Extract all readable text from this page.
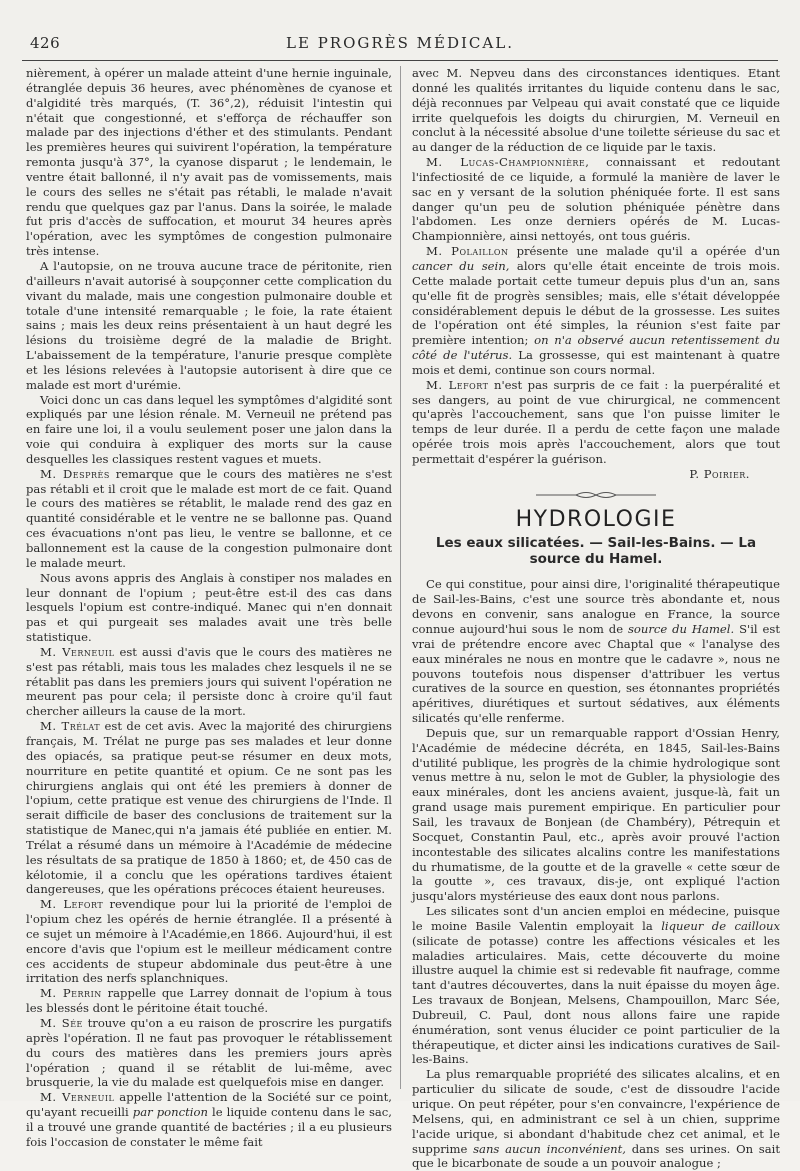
426	LE PROGRÈS MÉDICAL.

nièrement, à opérer un malade atteint d'une hernie inguinale, étranglée depuis 36 heures, avec phénomènes de cyanose et d'algidité très marqués, (T. 36°,2), réduisit l'intestin qui n'était que congestionné, et s'efforça de réchauffer son malade par des injections d'éther et des stimulants. Pendant les premières heures qui suivirent l'opération, la température remonta jusqu'à 37°, la cyanose disparut ; le lendemain, le ventre était ballonné, il n'y avait pas de vomissements, mais le cours des selles ne s'était pas rétabli, le malade n'avait rendu que quelques gaz par l'anus. Dans la soirée, le malade fut pris d'accès de suffocation, et mourut 34 heures après l'opération, avec les symptômes de congestion pulmonaire très intense.

A l'autopsie, on ne trouva aucune trace de péritonite, rien d'ailleurs n'avait autorisé à soupçonner cette complication du vivant du malade, mais une congestion pulmonaire double et totale d'une intensité remarquable ; le foie, la rate étaient sains ; mais les deux reins présentaient à un haut degré les lésions du troisième degré de la maladie de Bright. L'abaissement de la température, l'anurie presque complète et les lésions relevées à l'autopsie autorisent à dire que ce malade est mort d'urémie.

Voici donc un cas dans lequel les symptômes d'algidité sont expliqués par une lésion rénale. M. Verneuil ne prétend pas en faire une loi, il a voulu seulement poser une jalon dans la voie qui conduira à expliquer des morts sur la cause desquelles les classiques restent vagues et muets.

M. Desprès remarque que le cours des matières ne s'est pas rétabli et il croit que le malade est mort de ce fait. Quand le cours des matières se rétablit, le malade rend des gaz en quantité considérable et le ventre ne se ballonne pas. Quand ces évacuations n'ont pas lieu, le ventre se ballonne, et ce ballonnement est la cause de la congestion pulmonaire dont le malade meurt.

Nous avons appris des Anglais à constiper nos malades en leur donnant de l'opium ; peut-être est-il des cas dans lesquels l'opium est contre-indiqué. Manec qui n'en donnait pas et qui purgeait ses malades avait une très belle statistique.

M. Verneuil est aussi d'avis que le cours des matières ne s'est pas rétabli, mais tous les malades chez lesquels il ne se rétablit pas dans les premiers jours qui suivent l'opération ne meurent pas pour cela; il persiste donc à croire qu'il faut chercher ailleurs la cause de la mort.

M. Trélat est de cet avis. Avec la majorité des chirurgiens français, M. Trélat ne purge pas ses malades et leur donne des opiacés, sa pratique peut-se résumer en deux mots, nourriture en petite quantité et opium. Ce ne sont pas les chirurgiens anglais qui ont été les premiers à donner de l'opium, cette pratique est venue des chirurgiens de l'Inde. Il serait difficile de baser des conclusions de traitement sur la statistique de Manec,qui n'a jamais été publiée en entier. M. Trélat a résumé dans un mémoire à l'Académie de médecine les résultats de sa pratique de 1850 à 1860; et, de 450 cas de kélotomie, il a conclu que les opérations tardives étaient dangereuses, que les opérations précoces étaient heureuses.

M. Lefort revendique pour lui la priorité de l'emploi de l'opium chez les opérés de hernie étranglée. Il a présenté à ce sujet un mémoire à l'Académie,en 1866. Aujourd'hui, il est encore d'avis que l'opium est le meilleur médicament contre ces accidents de stupeur abdominale dus peut-être à une irritation des nerfs splanchniques.

M. Perrin rappelle que Larrey donnait de l'opium à tous les blessés dont le péritoine était touché.

M. Sée trouve qu'on a eu raison de proscrire les purgatifs après l'opération. Il ne faut pas provoquer le rétablissement du cours des matières dans les premiers jours après l'opération ; quand il se rétablit de lui-même, avec brusquerie, la vie du malade est quelquefois mise en danger.

M. Verneuil appelle l'attention de la Société sur ce point, qu'ayant recueilli par ponction le liquide contenu dans le sac, il a trouvé une grande quantité de bactéries ; il a eu plusieurs fois l'occasion de constater le même fait

avec M. Nepveu dans des circonstances identiques. Etant donné les qualités irritantes du liquide contenu dans le sac, déjà reconnues par Velpeau qui avait constaté que ce liquide irrite quelquefois les doigts du chirurgien, M. Verneuil en conclut à la nécessité absolue d'une toilette sérieuse du sac et au danger de la réduction de ce liquide par le taxis.

M. Lucas-Championnière, connaissant et redoutant l'infectiosité de ce liquide, a formulé la manière de laver le sac en y versant de la solution phéniquée forte. Il est sans danger qu'un peu de solution phéniquée pénètre dans l'abdomen. Les onze derniers opérés de M. Lucas-Championnière, ainsi nettoyés, ont tous guéris.

M. Polaillon présente une malade qu'il a opérée d'un cancer du sein, alors qu'elle était enceinte de trois mois. Cette malade portait cette tumeur depuis plus d'un an, sans qu'elle fit de progrès sensibles; mais, elle s'était développée considérablement depuis le début de la grossesse. Les suites de l'opération ont été simples, la réunion s'est faite par première intention; on n'a observé aucun retentissement du côté de l'utérus. La grossesse, qui est maintenant à quatre mois et demi, continue son cours normal.

M. Lefort n'est pas surpris de ce fait : la puerpéralité et ses dangers, au point de vue chirurgical, ne commencent qu'après l'accouchement, sans que l'on puisse limiter le temps de leur durée. Il a perdu de cette façon une malade opérée trois mois après l'accouchement, alors que tout permettait d'espérer la guérison.

P. Poirier.
HYDROLOGIE
Les eaux silicatées. — Sail-les-Bains. — La source du Hamel.

Ce qui constitue, pour ainsi dire, l'originalité thérapeutique de Sail-les-Bains, c'est une source très abondante et, nous devons en convenir, sans analogue en France, la source connue aujourd'hui sous le nom de source du Hamel. S'il est vrai de prétendre encore avec Chaptal que « l'analyse des eaux minérales ne nous en montre que le cadavre », nous ne pouvons toutefois nous dispenser d'attribuer les vertus curatives de la source en question, ses étonnantes propriétés apéritives, diurétiques et surtout sédatives, aux éléments silicatés qu'elle renferme.

Depuis que, sur un remarquable rapport d'Ossian Henry, l'Académie de médecine décréta, en 1845, Sail-les-Bains d'utilité publique, les progrès de la chimie hydrologique sont venus mettre à nu, selon le mot de Gubler, la physiologie des eaux minérales, dont les anciens avaient, jusque-là, fait un grand usage mais purement empirique. En particulier pour Sail, les travaux de Bonjean (de Chambéry), Pétrequin et Socquet, Constantin Paul, etc., après avoir prouvé l'action incontestable des silicates alcalins contre les manifestations du rhumatisme, de la goutte et de la gravelle « cette sœur de la goutte », ces travaux, dis-je, ont expliqué l'action jusqu'alors mystérieuse des eaux dont nous parlons.

Les silicates sont d'un ancien emploi en médecine, puisque le moine Basile Valentin employait la liqueur de cailloux (silicate de potasse) contre les affections vésicales et les maladies articulaires. Mais, cette découverte du moine illustre auquel la chimie est si redevable fit naufrage, comme tant d'autres découvertes, dans la nuit épaisse du moyen âge. Les travaux de Bonjean, Melsens, Champouillon, Marc Sée, Dubreuil, C. Paul, dont nous allons faire une rapide énumération, sont venus élucider ce point particulier de la thérapeutique, et dicter ainsi les indications curatives de Sail-les-Bains.

La plus remarquable propriété des silicates alcalins, et en particulier du silicate de soude, c'est de dissoudre l'acide urique. On peut répéter, pour s'en convaincre, l'expérience de Melsens, qui, en administrant ce sel à un chien, supprime l'acide urique, si abondant d'habitude chez cet animal, et le supprime sans aucun inconvénient, dans ses urines. On sait que le bicarbonate de soude a un pouvoir analogue ;
